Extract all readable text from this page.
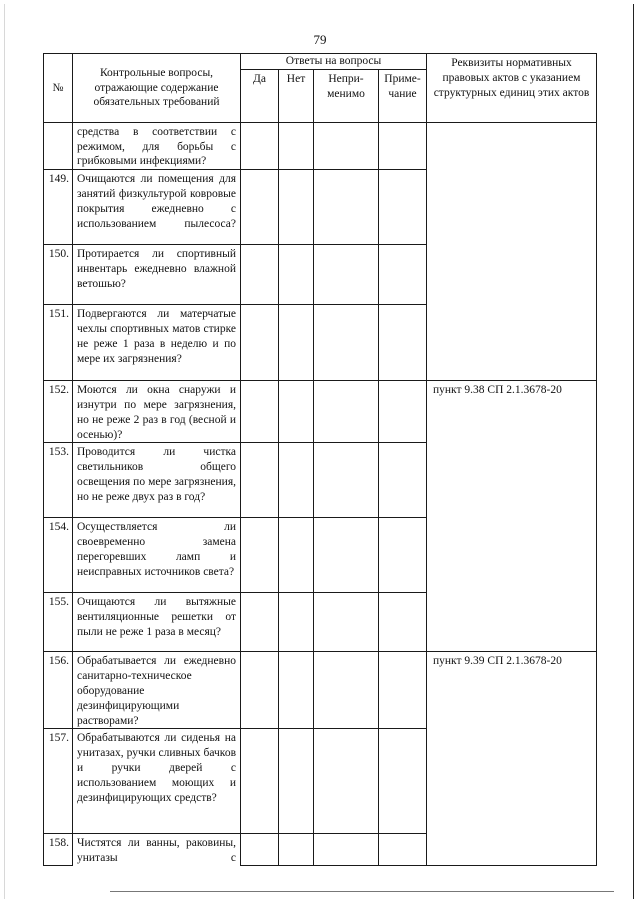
79
№	Контрольные вопросы, отражающие содержание обязательных требований	Ответы на вопросы				Реквизиты нормативных правовых актов с указанием структурных единиц этих актов
		Да	Нет	Непри-менимо	Приме-чание	
	средства в соответствии с режимом, для борьбы с грибковыми инфекциями?					
149.	Очищаются ли помещения для занятий физкультурой ковровые покрытия ежедневно с использованием пылесоса?					
150.	Протирается ли спортивный инвентарь ежедневно влажной ветошью?					
151.	Подвергаются ли матерчатые чехлы спортивных матов стирке не реже 1 раза в неделю и по мере их загрязнения?					
152.	Моются ли окна снаружи и изнутри по мере загрязнения, но не реже 2 раз в год (весной и осенью)?					пункт 9.38 СП 2.1.3678-20
153.	Проводится ли чистка светильников общего освещения по мере загрязнения, но не реже двух раз в год?					
154.	Осуществляется ли своевременно замена перегоревших ламп и неисправных источников света?					
155.	Очищаются ли вытяжные вентиляционные решетки от пыли не реже 1 раза в месяц?					
156.	Обрабатывается ли ежедневно санитарно-техническое оборудование дезинфицирующими растворами?					пункт 9.39 СП 2.1.3678-20
157.	Обрабатываются ли сиденья на унитазах, ручки сливных бачков и ручки дверей с использованием моющих и дезинфицирующих средств?					
158.	Чистятся ли ванны, раковины, унитазы с					
